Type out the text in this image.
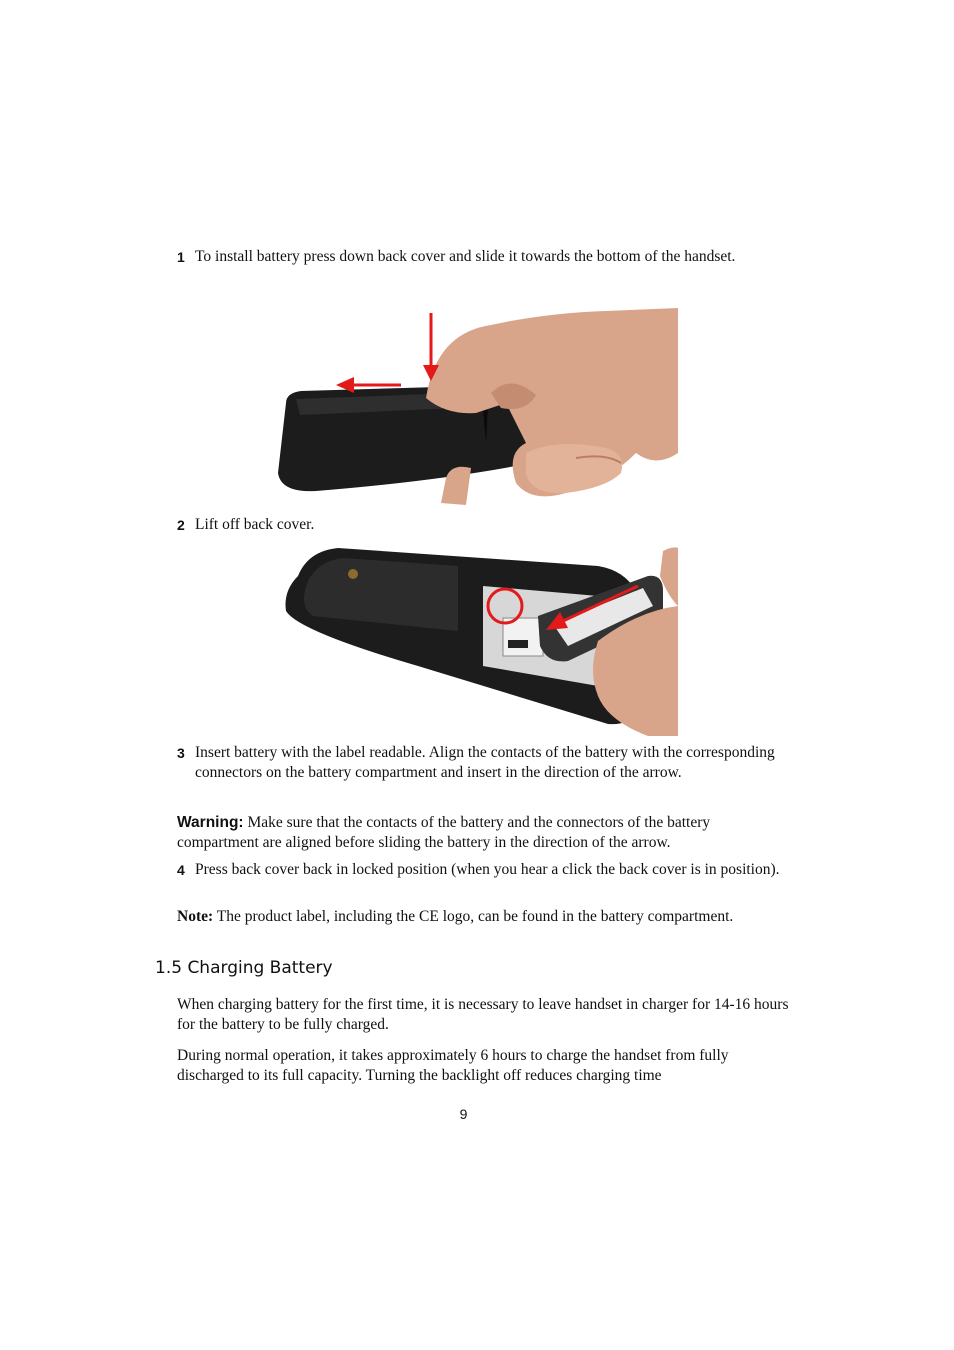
1 To install battery press down back cover and slide it towards the bottom of the handset.
2 Lift off back cover.
3 Insert battery with the label readable. Align the contacts of the battery with the corresponding connectors on the battery compartment and insert in the direction of the arrow.
Warning: Make sure that the contacts of the battery and the connectors of the battery compartment are aligned before sliding the battery in the direction of the arrow.
4 Press back cover back in locked position (when you hear a click the back cover is in position).
Note: The product label, including the CE logo, can be found in the battery compartment.
1.5 Charging Battery
When charging battery for the first time, it is necessary to leave handset in charger for 14-16 hours for the battery to be fully charged.
During normal operation, it takes approximately 6 hours to charge the handset from fully discharged to its full capacity. Turning the backlight off reduces charging time
9
